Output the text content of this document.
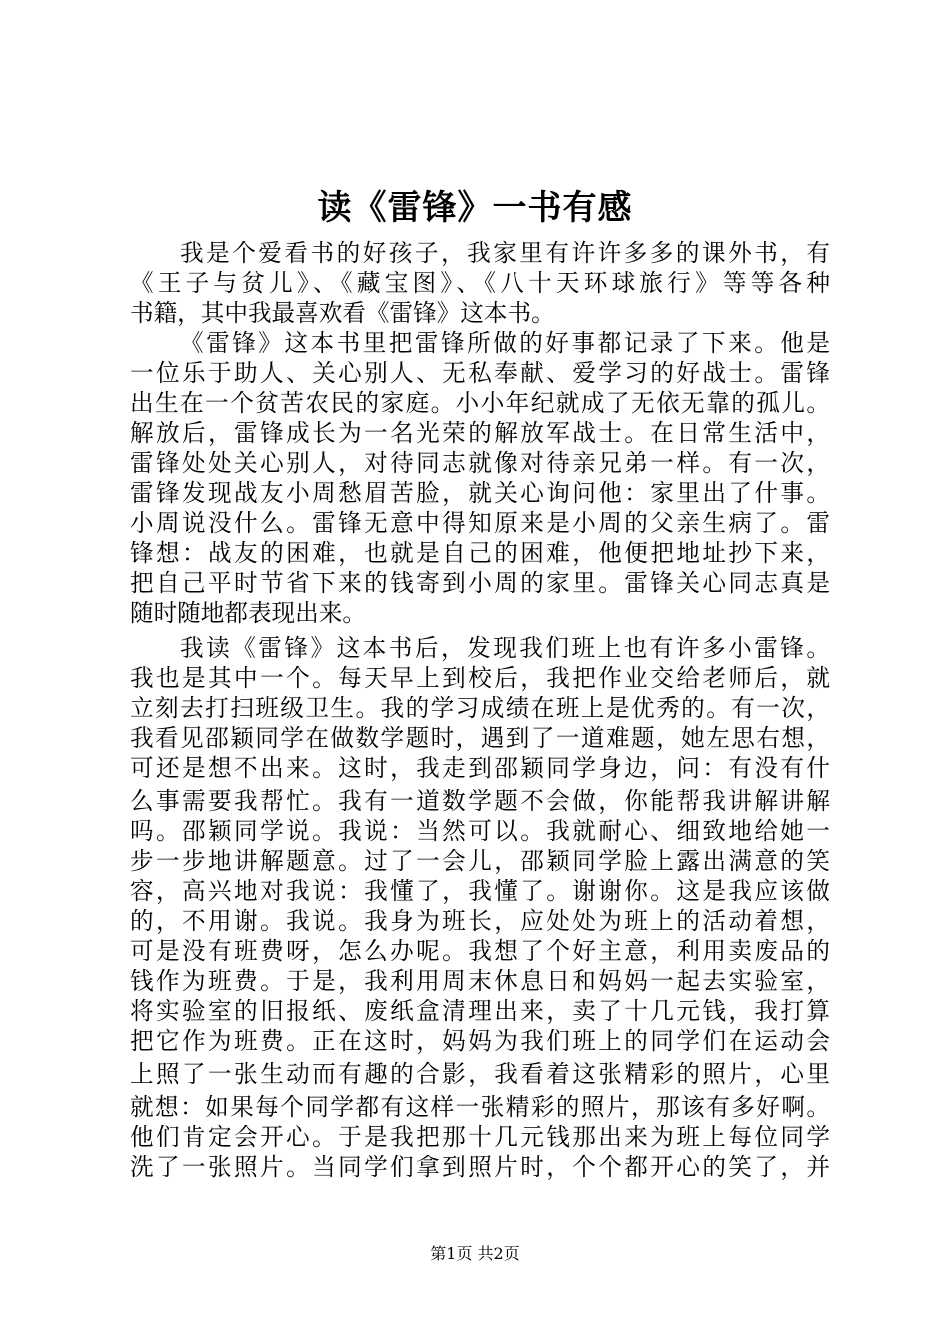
读《雷锋》一书有感
我是个爱看书的好孩子，我家里有许许多多的课外书，有
《王子与贫儿》、《藏宝图》、《八十天环球旅行》等等各种
书籍，其中我最喜欢看《雷锋》这本书。
《雷锋》这本书里把雷锋所做的好事都记录了下来。他是
一位乐于助人、关心别人、无私奉献、爱学习的好战士。雷锋
出生在一个贫苦农民的家庭。小小年纪就成了无依无靠的孤儿。
解放后，雷锋成长为一名光荣的解放军战士。在日常生活中，
雷锋处处关心别人，对待同志就像对待亲兄弟一样。有一次，
雷锋发现战友小周愁眉苦脸，就关心询问他：家里出了什事。
小周说没什么。雷锋无意中得知原来是小周的父亲生病了。雷
锋想：战友的困难，也就是自己的困难，他便把地址抄下来，
把自己平时节省下来的钱寄到小周的家里。雷锋关心同志真是
随时随地都表现出来。
我读《雷锋》这本书后，发现我们班上也有许多小雷锋。
我也是其中一个。每天早上到校后，我把作业交给老师后，就
立刻去打扫班级卫生。我的学习成绩在班上是优秀的。有一次，
我看见邵颖同学在做数学题时，遇到了一道难题，她左思右想，
可还是想不出来。这时，我走到邵颖同学身边，问：有没有什
么事需要我帮忙。我有一道数学题不会做，你能帮我讲解讲解
吗。邵颖同学说。我说：当然可以。我就耐心、细致地给她一
步一步地讲解题意。过了一会儿，邵颖同学脸上露出满意的笑
容，高兴地对我说：我懂了，我懂了。谢谢你。这是我应该做
的，不用谢。我说。我身为班长，应处处为班上的活动着想，
可是没有班费呀，怎么办呢。我想了个好主意，利用卖废品的
钱作为班费。于是，我利用周末休息日和妈妈一起去实验室，
将实验室的旧报纸、废纸盒清理出来，卖了十几元钱，我打算
把它作为班费。正在这时，妈妈为我们班上的同学们在运动会
上照了一张生动而有趣的合影，我看着这张精彩的照片，心里
就想：如果每个同学都有这样一张精彩的照片，那该有多好啊。
他们肯定会开心。于是我把那十几元钱那出来为班上每位同学
洗了一张照片。当同学们拿到照片时，个个都开心的笑了，并
第1页 共2页
